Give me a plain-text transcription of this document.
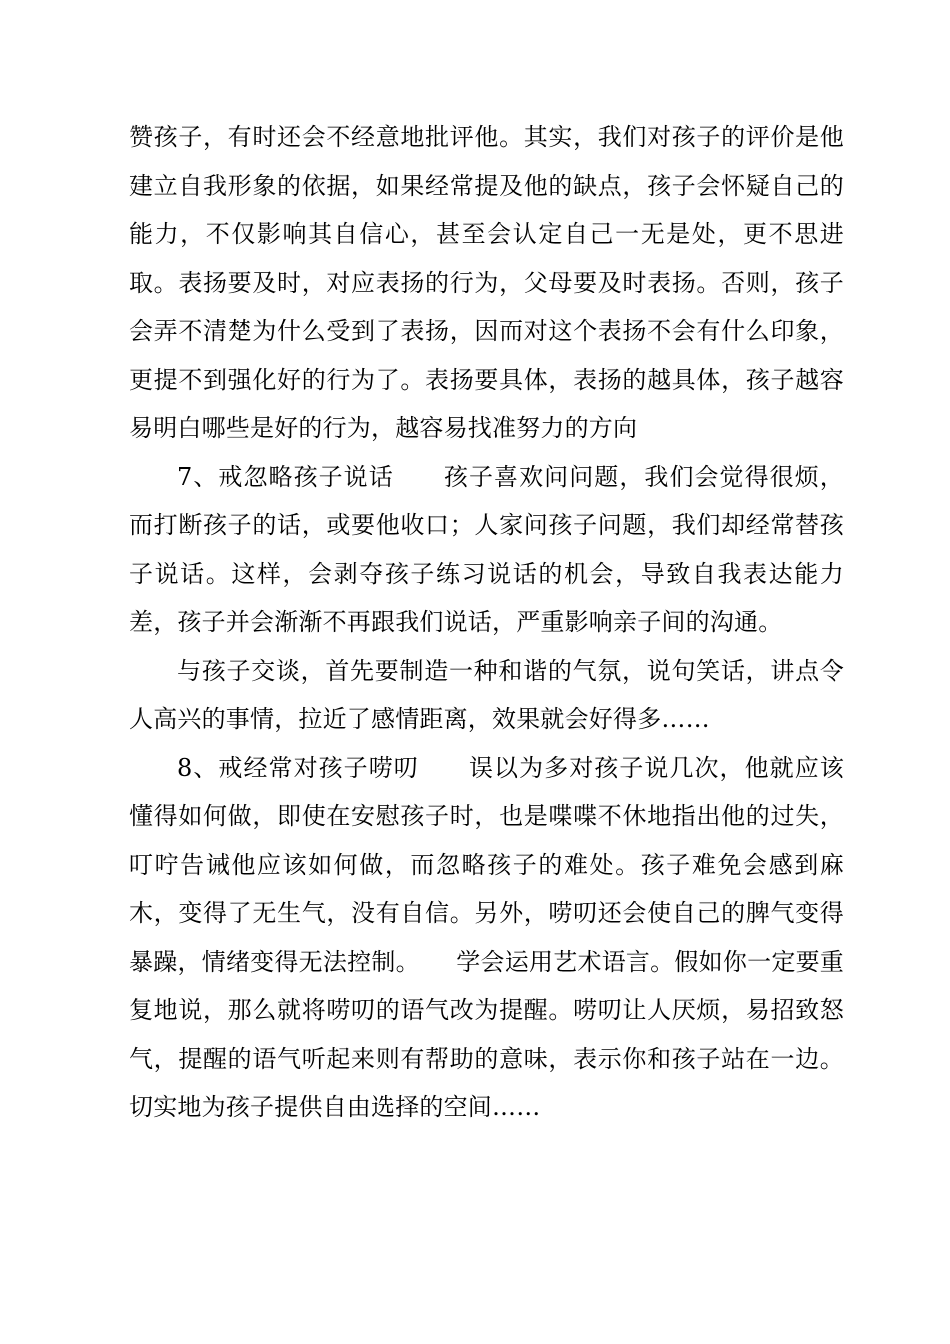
赞孩子，有时还会不经意地批评他。其实，我们对孩子的评价是他建立自我形象的依据，如果经常提及他的缺点，孩子会怀疑自己的能力，不仅影响其自信心，甚至会认定自己一无是处，更不思进取。表扬要及时，对应表扬的行为，父母要及时表扬。否则，孩子会弄不清楚为什么受到了表扬，因而对这个表扬不会有什么印象，更提不到强化好的行为了。表扬要具体，表扬的越具体，孩子越容易明白哪些是好的行为，越容易找准努力的方向

7、戒忽略孩子说话　　孩子喜欢问问题，我们会觉得很烦，而打断孩子的话，或要他收口；人家问孩子问题，我们却经常替孩子说话。这样，会剥夺孩子练习说话的机会，导致自我表达能力差，孩子并会渐渐不再跟我们说话，严重影响亲子间的沟通。

与孩子交谈，首先要制造一种和谐的气氛，说句笑话，讲点令人高兴的事情，拉近了感情距离，效果就会好得多……

8、戒经常对孩子唠叨　　误以为多对孩子说几次，他就应该懂得如何做，即使在安慰孩子时，也是喋喋不休地指出他的过失，叮咛告诫他应该如何做，而忽略孩子的难处。孩子难免会感到麻木，变得了无生气，没有自信。另外，唠叨还会使自己的脾气变得暴躁，情绪变得无法控制。　　学会运用艺术语言。假如你一定要重复地说，那么就将唠叨的语气改为提醒。唠叨让人厌烦，易招致怒气，提醒的语气听起来则有帮助的意味，表示你和孩子站在一边。切实地为孩子提供自由选择的空间……
